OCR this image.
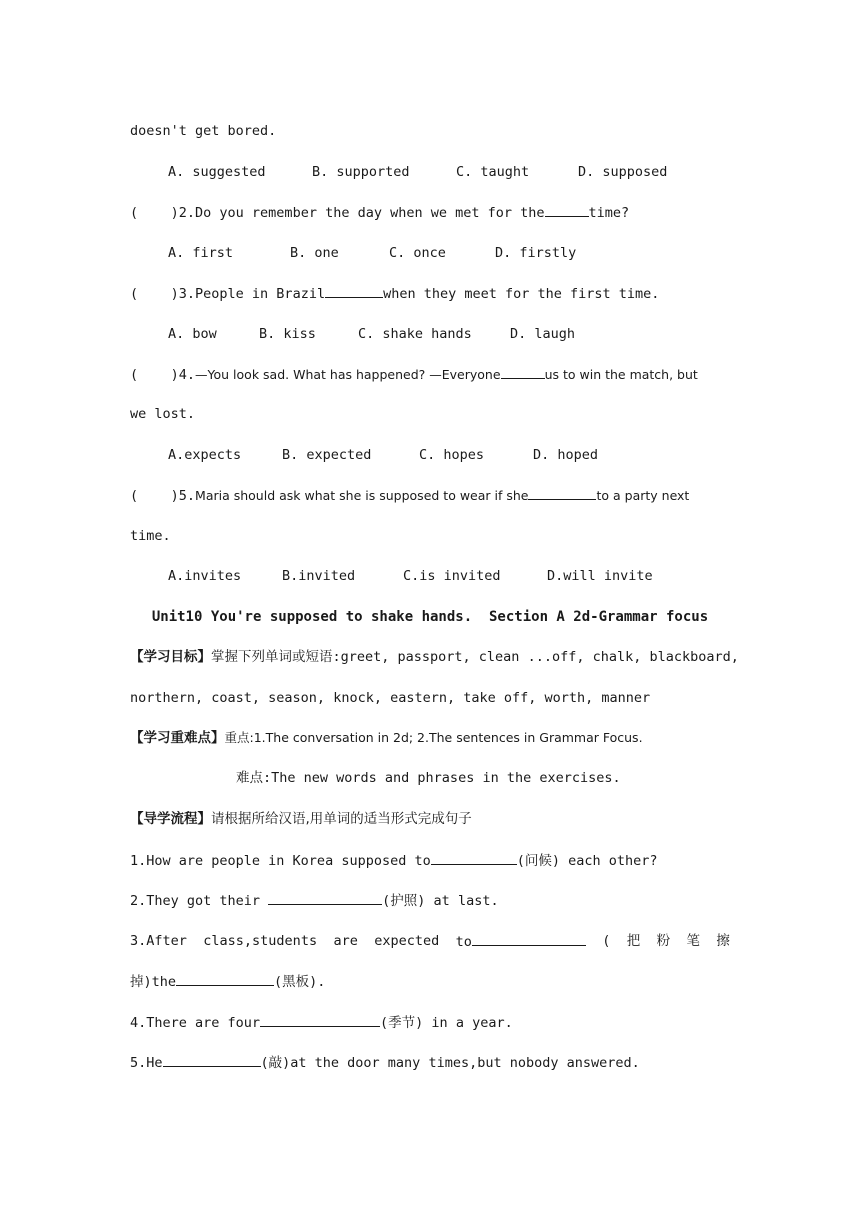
doesn't get bored.
A. suggested	B. supported	C. taught	D. supposed
(    )2.Do you remember the day when we met for the	time?
A. first	B. one	C. once	D. firstly
(    )3.People in Brazil	when they meet for the first time.
A. bow	B. kiss	C. shake hands	D. laugh
(    )4.—You look sad. What has happened? —Everyone	us to win the match, but
we lost.
A.expects	B. expected	C. hopes	D. hoped
(    )5.Maria should ask what she is supposed to wear if she	to a party next
time.
A.invites	B.invited	C.is invited	D.will invite
Unit10 You're supposed to shake hands.  Section A 2d-Grammar focus
【学习目标】掌握下列单词或短语:greet, passport, clean ...off, chalk, blackboard,
northern, coast, season, knock, eastern, take off, worth, manner
【学习重难点】重点:1.The conversation in 2d; 2.The sentences in Grammar Focus.
难点:The new words and phrases in the exercises.
【导学流程】请根据所给汉语,用单词的适当形式完成句子
1.How are people in Korea supposed to	(问候) each other?
2.They got their	(护照) at last.
3.After class,students are expected to	( 把 粉 笔 擦
掉)the	(黑板).
4.There are four	(季节) in a year.
5.He	(敲)at the door many times,but nobody answered.
